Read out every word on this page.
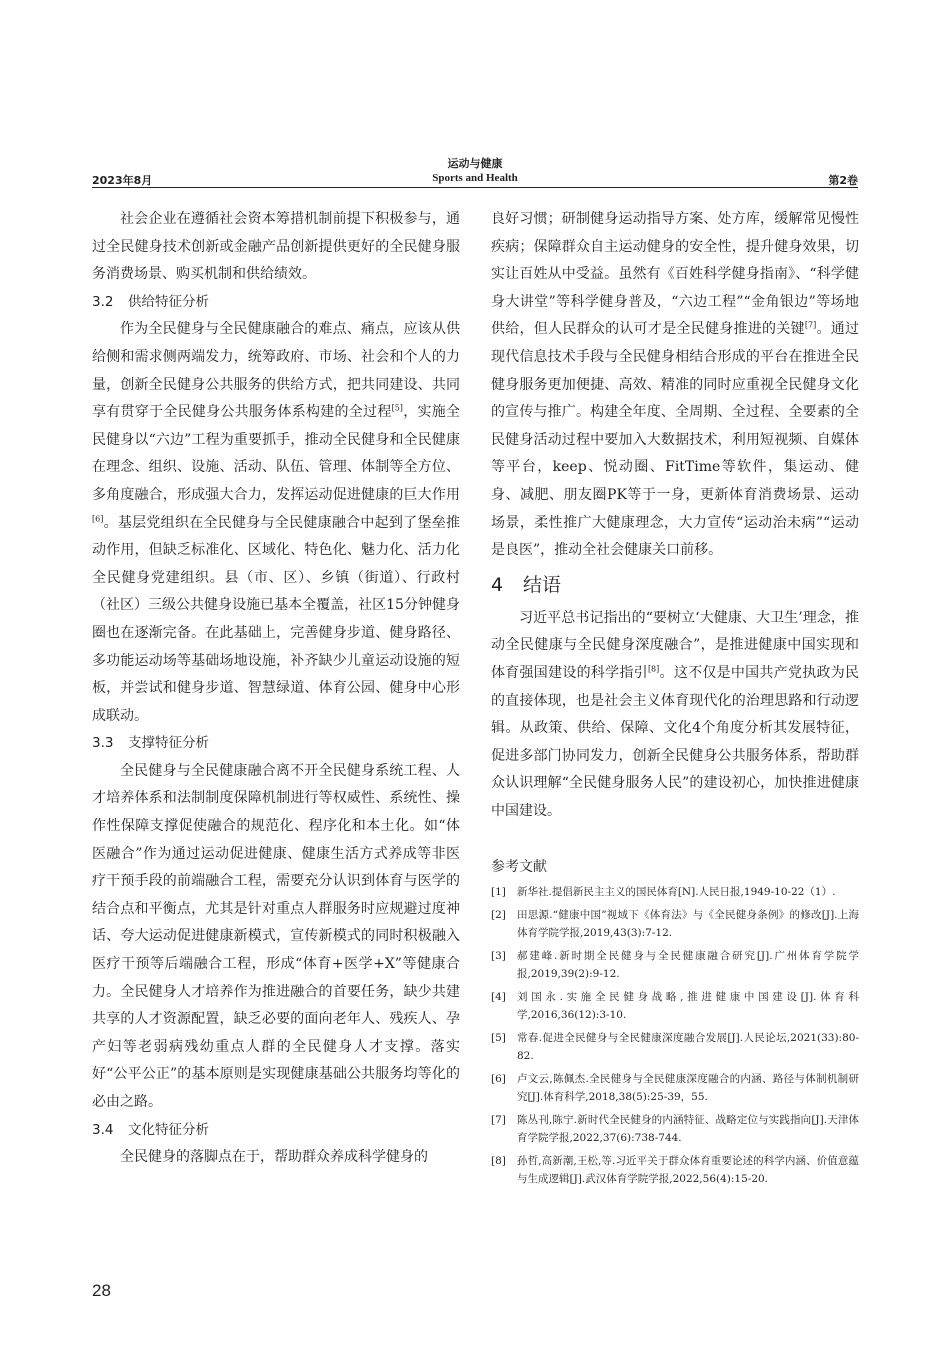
运动与健康
2023年8月	Sports and Health	第2卷

社会企业在遵循社会资本筹措机制前提下积极参与，通过全民健身技术创新或金融产品创新提供更好的全民健身服务消费场景、购买机制和供给绩效。

3.2 供给特征分析

作为全民健身与全民健康融合的难点、痛点，应该从供给侧和需求侧两端发力，统筹政府、市场、社会和个人的力量，创新全民健身公共服务的供给方式，把共同建设、共同享有贯穿于全民健身公共服务体系构建的全过程[5]，实施全民健身以“六边”工程为重要抓手，推动全民健身和全民健康在理念、组织、设施、活动、队伍、管理、体制等全方位、多角度融合，形成强大合力，发挥运动促进健康的巨大作用[6]。基层党组织在全民健身与全民健康融合中起到了堡垒推动作用，但缺乏标准化、区域化、特色化、魅力化、活力化全民健身党建组织。县（市、区）、乡镇（街道）、行政村（社区）三级公共健身设施已基本全覆盖，社区15分钟健身圈也在逐渐完备。在此基础上，完善健身步道、健身路径、多功能运动场等基础场地设施，补齐缺少儿童运动设施的短板，并尝试和健身步道、智慧绿道、体育公园、健身中心形成联动。

3.3 支撑特征分析

全民健身与全民健康融合离不开全民健身系统工程、人才培养体系和法制制度保障机制进行等权威性、系统性、操作性保障支撑促使融合的规范化、程序化和本土化。如“体医融合”作为通过运动促进健康、健康生活方式养成等非医疗干预手段的前端融合工程，需要充分认识到体育与医学的结合点和平衡点，尤其是针对重点人群服务时应规避过度神话、夸大运动促进健康新模式，宣传新模式的同时积极融入医疗干预等后端融合工程，形成“体育+医学+X”等健康合力。全民健身人才培养作为推进融合的首要任务，缺少共建共享的人才资源配置，缺乏必要的面向老年人、残疾人、孕产妇等老弱病残幼重点人群的全民健身人才支撑。落实好“公平公正”的基本原则是实现健康基础公共服务均等化的必由之路。

3.4 文化特征分析

全民健身的落脚点在于，帮助群众养成科学健身的

良好习惯；研制健身运动指导方案、处方库，缓解常见慢性疾病；保障群众自主运动健身的安全性，提升健身效果，切实让百姓从中受益。虽然有《百姓科学健身指南》、“科学健身大讲堂”等科学健身普及，“六边工程”“金角银边”等场地供给，但人民群众的认可才是全民健身推进的关键[7]。通过现代信息技术手段与全民健身相结合形成的平台在推进全民健身服务更加便捷、高效、精准的同时应重视全民健身文化的宣传与推广。构建全年度、全周期、全过程、全要素的全民健身活动过程中要加入大数据技术，利用短视频、自媒体等平台，keep、悦动圈、FitTime等软件，集运动、健身、减肥、朋友圈PK等于一身，更新体育消费场景、运动场景，柔性推广大健康理念，大力宣传“运动治未病”“运动是良医”，推动全社会健康关口前移。

4 结语

习近平总书记指出的“要树立‘大健康、大卫生’理念，推动全民健康与全民健身深度融合”，是推进健康中国实现和体育强国建设的科学指引[8]。这不仅是中国共产党执政为民的直接体现，也是社会主义体育现代化的治理思路和行动逻辑。从政策、供给、保障、文化4个角度分析其发展特征，促进多部门协同发力，创新全民健身公共服务体系，帮助群众认识理解“全民健身服务人民”的建设初心，加快推进健康中国建设。

参考文献
[1]	新华社.提倡新民主主义的国民体育[N].人民日报,1949-10-22（1）.
[2]	田思源.“健康中国”视域下《体育法》与《全民健身条例》的修改[J].上海体育学院学报,2019,43(3):7-12.
[3]	郝建峰.新时期全民健身与全民健康融合研究[J].广州体育学院学报,2019,39(2):9-12.
[4]	刘国永.实施全民健身战略,推进健康中国建设[J].体育科学,2016,36(12):3-10.
[5]	常春.促进全民健身与全民健康深度融合发展[J].人民论坛,2021(33):80-82.
[6]	卢文云,陈佩杰.全民健身与全民健康深度融合的内涵、路径与体制机制研究[J].体育科学,2018,38(5):25-39，55.
[7]	陈丛刊,陈宁.新时代全民健身的内涵特征、战略定位与实践指向[J].天津体育学院学报,2022,37(6):738-744.
[8]	孙哲,高新潮,王松,等.习近平关于群众体育重要论述的科学内涵、价值意蕴与生成逻辑[J].武汉体育学院学报,2022,56(4):15-20.
28
